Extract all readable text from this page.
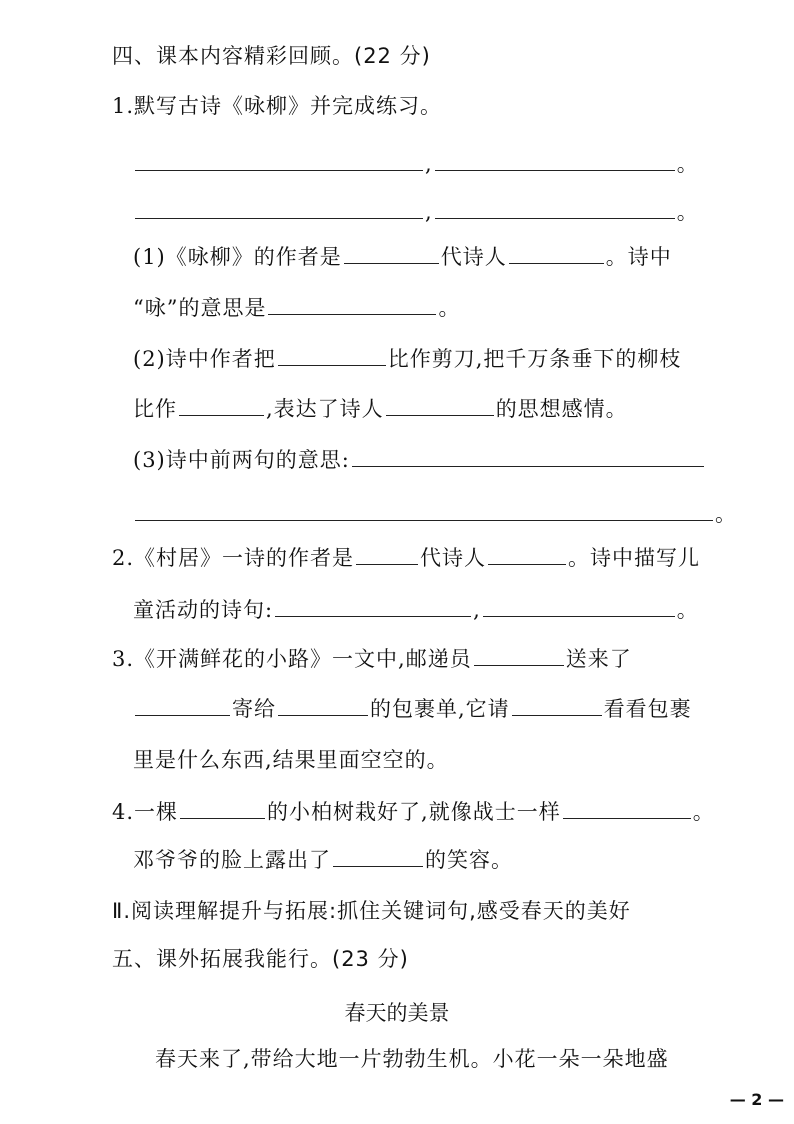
四、课本内容精彩回顾。(22 分)
1.默写古诗《咏柳》并完成练习。
,	。
,	。
(1)《咏柳》的作者是	代诗人	。诗中
“咏”的意思是	。
(2)诗中作者把	比作剪刀,把千万条垂下的柳枝
比作	,表达了诗人	的思想感情。
(3)诗中前两句的意思:
。
2.《村居》一诗的作者是	代诗人	。诗中描写儿
童活动的诗句:	,	。
3.《开满鲜花的小路》一文中,邮递员	送来了
寄给	的包裹单,它请	看看包裹
里是什么东西,结果里面空空的。
4.一棵	的小柏树栽好了,就像战士一样	。
邓爷爷的脸上露出了	的笑容。
Ⅱ.阅读理解提升与拓展:抓住关键词句,感受春天的美好
五、课外拓展我能行。(23 分)
春天的美景
春天来了,带给大地一片勃勃生机。小花一朵一朵地盛
— 2 —
